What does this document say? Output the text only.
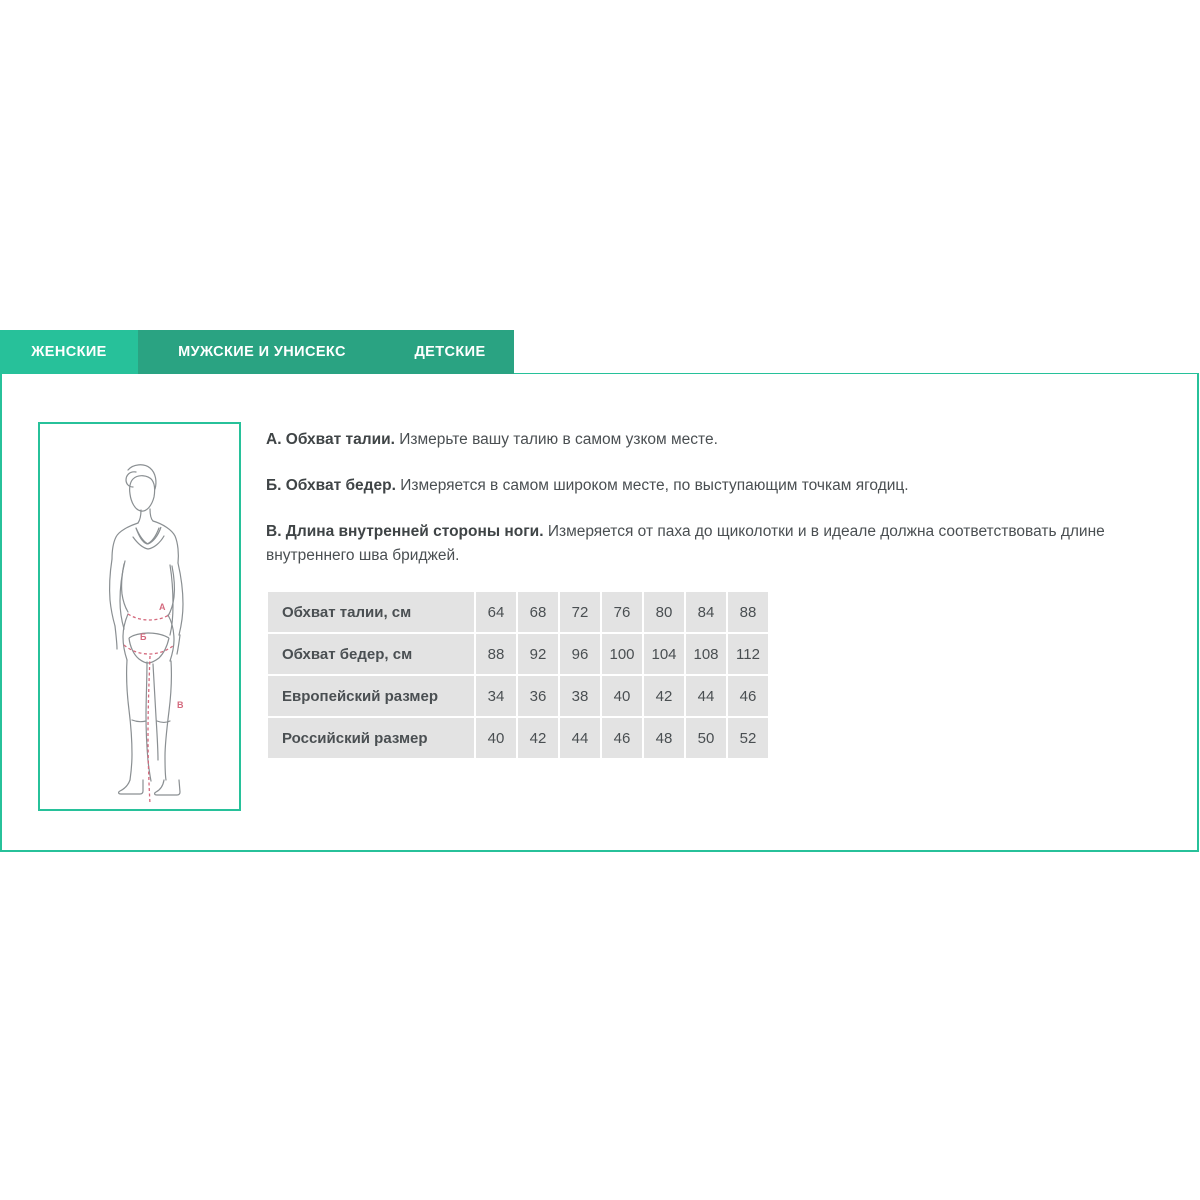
ЖЕНСКИЕ	МУЖСКИЕ И УНИСЕКС	ДЕТСКИЕ
А
Б
В

А. Обхват талии. Измерьте вашу талию в самом узком месте.

Б. Обхват бедер. Измеряется в самом широком месте, по выступающим точкам ягодиц.

В. Длина внутренней стороны ноги. Измеряется от паха до щиколотки и в идеале должна соответствовать длине внутреннего шва бриджей.

Обхват талии, см	64	68	72	76	80	84	88
Обхват бедер, см	88	92	96	100	104	108	112
Европейский размер	34	36	38	40	42	44	46
Российский размер	40	42	44	46	48	50	52
